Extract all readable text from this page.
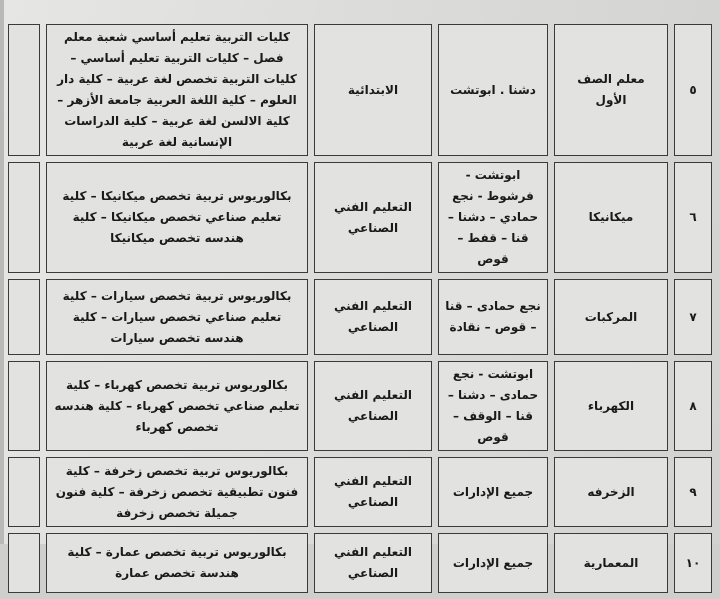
٥	معلم الصف الأول	دشنا . ابوتشت	الابتدائية	كليات التربية تعليم أساسي شعبة معلم فصل – كليات التربية تعليم أساسي – كليات التربية تخصص لغة عربية – كلية دار العلوم – كلية اللغة العربية جامعة الأزهر – كلية الالسن لغة عربية – كلية الدراسات الإنسانية لغة عربية	
٦	ميكانيكا	ابوتشت - فرشوط - نجع حمادي – دشنا – قنا – قفط – قوص	التعليم الفني الصناعي	بكالوريوس تربية تخصص ميكانيكا – كلية تعليم صناعي تخصص ميكانيكا – كلية هندسه تخصص ميكانيكا	
٧	المركبات	نجع حمادى – قنا – قوص – نقادة	التعليم الفني الصناعي	بكالوريوس تربية تخصص سيارات – كلية تعليم صناعي تخصص سيارات – كلية هندسه تخصص سيارات	
٨	الكهرباء	ابوتشت - نجع حمادى – دشنا – قنا – الوقف – قوص	التعليم الفني الصناعي	بكالوريوس تربية تخصص كهرباء – كلية تعليم صناعي تخصص كهرباء – كلية هندسه تخصص كهرباء	
٩	الزخرفه	جميع الإدارات	التعليم الفني الصناعي	بكالوريوس تربية تخصص زخرفة – كلية فنون تطبيقية تخصص زخرفة – كلية فنون جميلة تخصص زخرفة	
١٠	المعمارية	جميع الإدارات	التعليم الفني الصناعي	بكالوريوس تربية تخصص عمارة – كلية هندسة تخصص عمارة	
